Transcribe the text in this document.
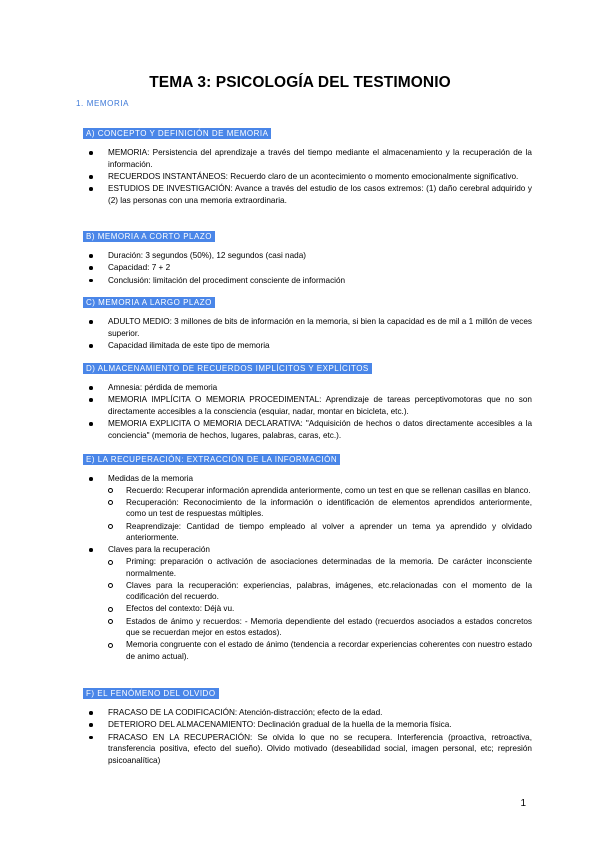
TEMA 3: PSICOLOGÍA DEL TESTIMONIO
1. MEMORIA
A) CONCEPTO Y DEFINICIÓN DE MEMORIA
MEMORIA: Persistencia del aprendizaje a través del tiempo mediante el almacenamiento y la recuperación de la información.
RECUERDOS INSTANTÁNEOS: Recuerdo claro de un acontecimiento o momento emocionalmente significativo.
ESTUDIOS DE INVESTIGACIÓN: Avance a través del estudio de los casos extremos: (1) daño cerebral adquirido y (2) las personas con una memoria extraordinaria.
B) MEMORIA A CORTO PLAZO
Duración: 3 segundos (50%), 12 segundos (casi nada)
Capacidad: 7 + 2
Conclusión: limitación del procediment consciente de información
C) MEMORIA A LARGO PLAZO
ADULTO MEDIO: 3 millones de bits de información en la memoria, si bien la capacidad es de mil a 1 millón de veces superior.
Capacidad ilimitada de este tipo de memoria
D) ALMACENAMIENTO DE RECUERDOS IMPLÍCITOS Y EXPLÍCITOS
Amnesia: pérdida de memoria
MEMORIA IMPLÍCITA O MEMORIA PROCEDIMENTAL: Aprendizaje de tareas perceptivomotoras que no son directamente accesibles a la consciencia (esquiar, nadar, montar en bicicleta, etc.).
MEMORIA EXPLICITA O MEMORIA DECLARATIVA: "Adquisición de hechos o datos directamente accesibles a la conciencia" (memoria de hechos, lugares, palabras, caras, etc.).
E) LA RECUPERACIÓN: EXTRACCIÓN DE LA INFORMACIÓN
Medidas de la memoria
Recuerdo: Recuperar información aprendida anteriormente, como un test en que se rellenan casillas en blanco.
Recuperación: Reconocimiento de la información o identificación de elementos aprendidos anteriormente, como un test de respuestas múltiples.
Reaprendizaje: Cantidad de tiempo empleado al volver a aprender un tema ya aprendido y olvidado anteriormente.
Claves para la recuperación
Priming: preparación o activación de asociaciones determinadas de la memoria. De carácter inconsciente normalmente.
Claves para la recuperación: experiencias, palabras, imágenes, etc.relacionadas con el momento de la codificación del recuerdo.
Efectos del contexto: Déjà vu.
Estados de ánimo y recuerdos: - Memoria dependiente del estado (recuerdos asociados a estados concretos que se recuerdan mejor en estos estados).
Memoria congruente con el estado de ánimo (tendencia a recordar experiencias coherentes con nuestro estado de animo actual).
F) EL FENÓMENO DEL OLVIDO
FRACASO DE LA CODIFICACIÓN: Atención-distracción; efecto de la edad.
DETERIORO DEL ALMACENAMIENTO: Declinación gradual de la huella de la memoria física.
FRACASO EN LA RECUPERACIÓN: Se olvida lo que no se recupera. Interferencia (proactiva, retroactiva, transferencia positiva, efecto del sueño). Olvido motivado (deseabilidad social, imagen personal, etc; represión psicoanalítica)
1
